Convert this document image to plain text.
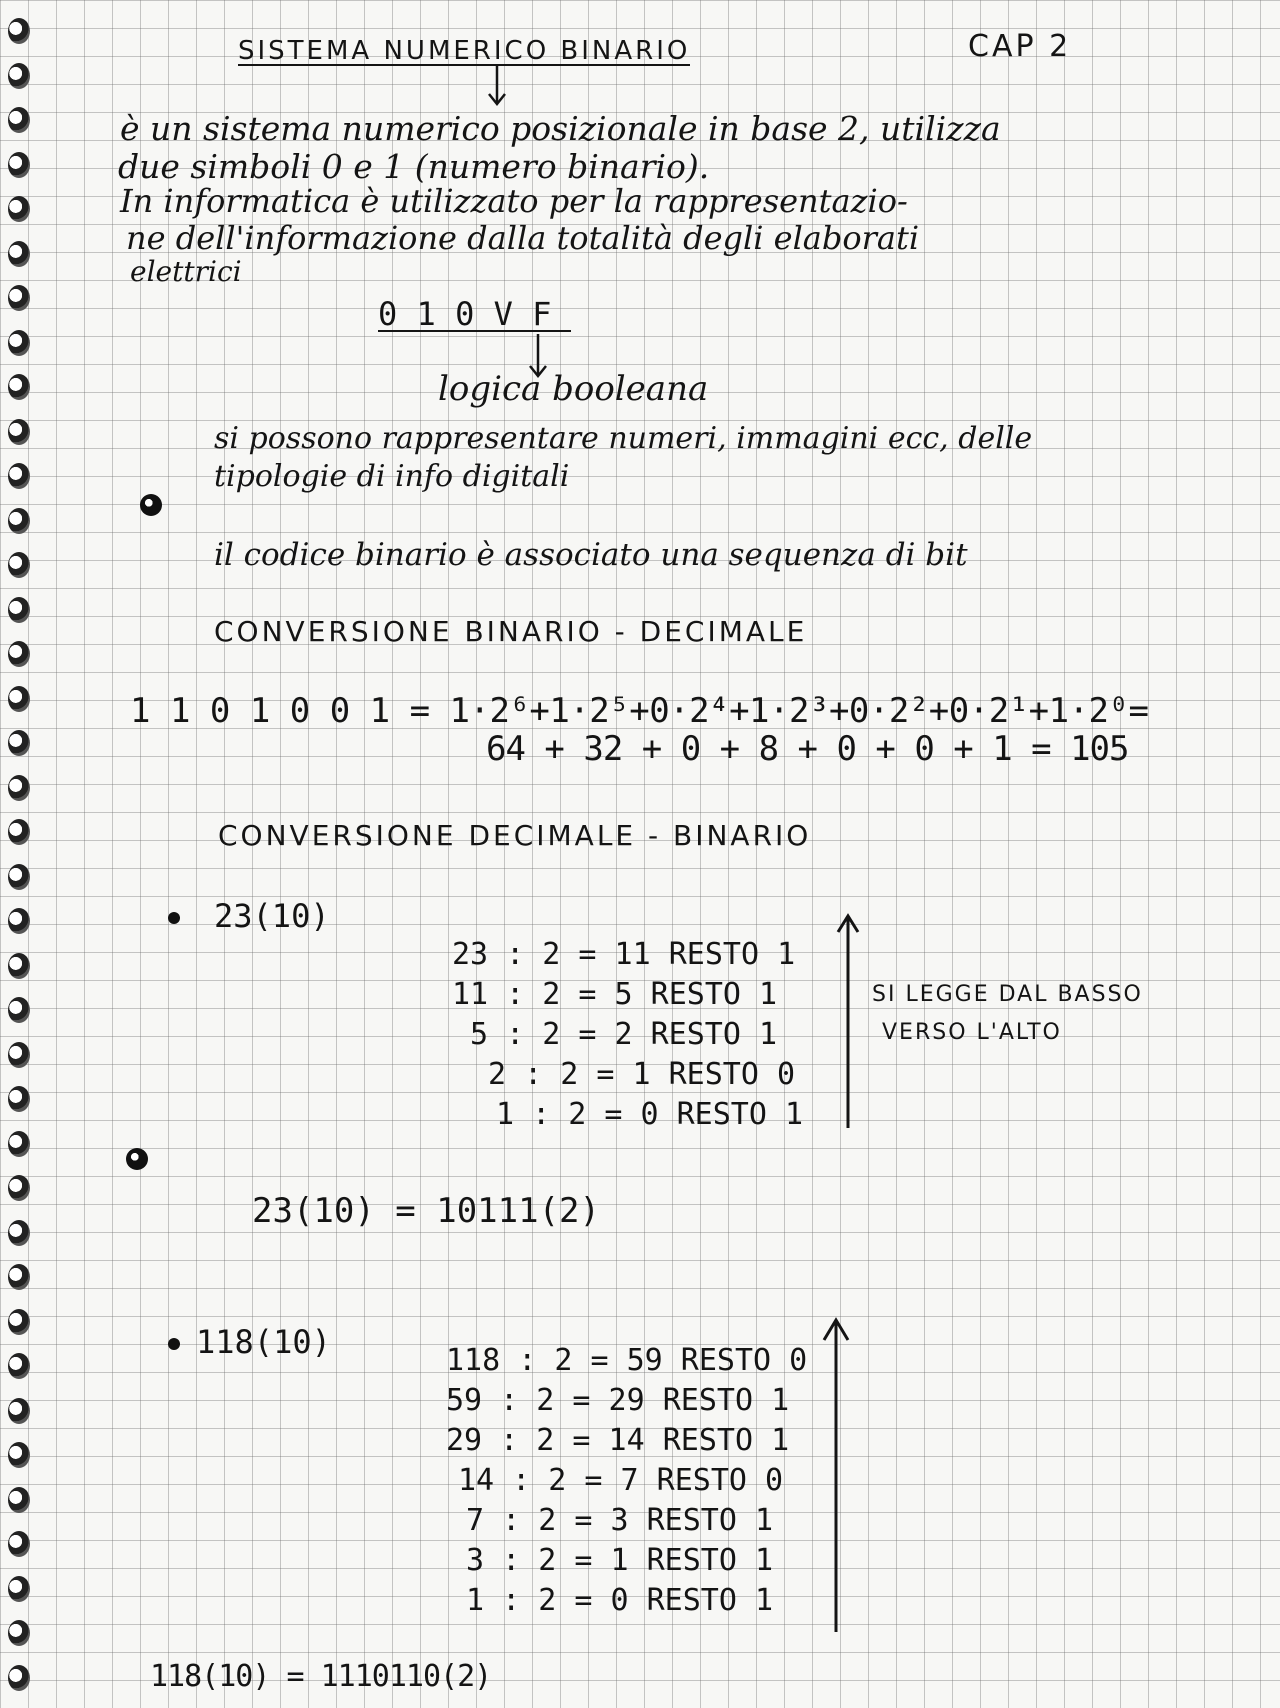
SISTEMA NUMERICO BINARIO	CAP 2
è un sistema numerico posizionale in base 2, utilizza
due simboli 0 e 1 (numero binario).
In informatica è utilizzato per la rappresentazio-
ne dell'informazione dalla totalità degli elaborati
elettrici
0 1 0 V F
logica booleana
si possono rappresentare numeri, immagini ecc, delle
tipologie di info digitali
il codice binario è associato una sequenza di bit
CONVERSIONE BINARIO - DECIMALE
1 1 0 1 0 0 1 = 1·2⁶+1·2⁵+0·2⁴+1·2³+0·2²+0·2¹+1·2⁰=
64 + 32 + 0 + 8 + 0 + 0 + 1 = 105
CONVERSIONE DECIMALE - BINARIO
23(10)
23 : 2 = 11 RESTO 1
11 : 2 = 5 RESTO 1
5 : 2 = 2 RESTO 1
2 : 2 = 1 RESTO 0
1 : 2 = 0 RESTO 1
SI LEGGE DAL BASSO
VERSO L'ALTO
23(10) = 10111(2)
118(10)	118 : 2 = 59 RESTO 0
59 : 2 = 29 RESTO 1
29 : 2 = 14 RESTO 1
14 : 2 = 7 RESTO 0
7 : 2 = 3 RESTO 1
3 : 2 = 1 RESTO 1
1 : 2 = 0 RESTO 1
118(10) = 1110110(2)
